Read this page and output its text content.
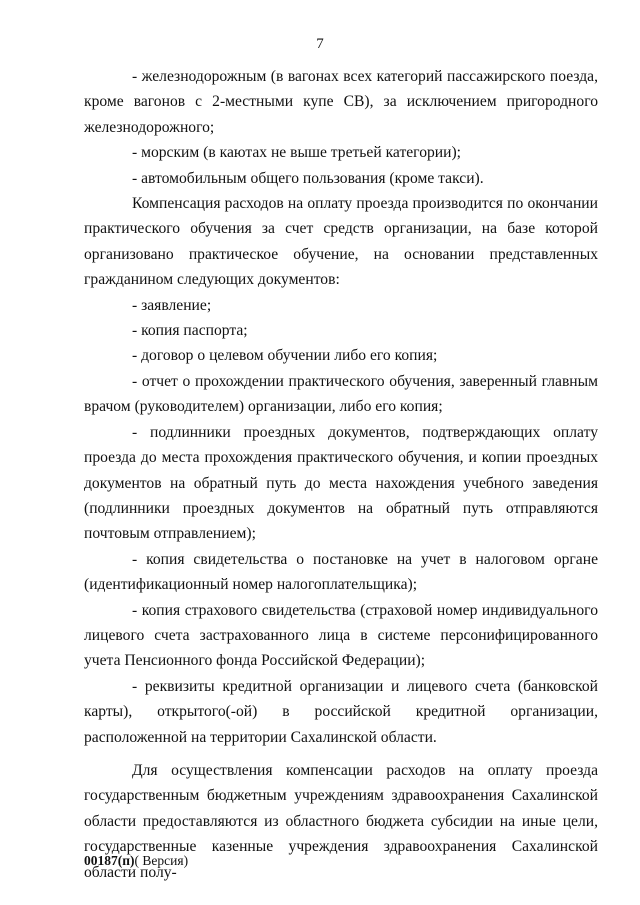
7

- железнодорожным (в вагонах всех категорий пассажирского поезда, кроме вагонов с 2-местными купе СВ), за исключением пригородного железнодорожного;

- морским (в каютах не выше третьей категории);

- автомобильным общего пользования (кроме такси).

Компенсация расходов на оплату проезда производится по окончании практического обучения за счет средств организации, на базе которой организовано практическое обучение, на основании представленных гражданином следующих документов:

- заявление;

- копия паспорта;

- договор о целевом обучении либо его копия;

- отчет о прохождении практического обучения, заверенный главным врачом (руководителем) организации, либо его копия;

- подлинники проездных документов, подтверждающих оплату проезда до места прохождения практического обучения, и копии проездных документов на обратный путь до места нахождения учебного заведения (подлинники проездных документов на обратный путь отправляются почтовым отправлением);

- копия свидетельства о постановке на учет в налоговом органе (идентификационный номер налогоплательщика);

- копия страхового свидетельства (страховой номер индивидуального лицевого счета застрахованного лица в системе персонифицированного учета Пенсионного фонда Российской Федерации);

- реквизиты кредитной организации и лицевого счета (банковской карты), открытого(-ой) в российской кредитной организации, расположенной на территории Сахалинской области.

Для осуществления компенсации расходов на оплату проезда государственным бюджетным учреждениям здравоохранения Сахалинской области предоставляются из областного бюджета субсидии на иные цели, государственные казенные учреждения здравоохранения Сахалинской области полу-

00187(п)( Версия)
